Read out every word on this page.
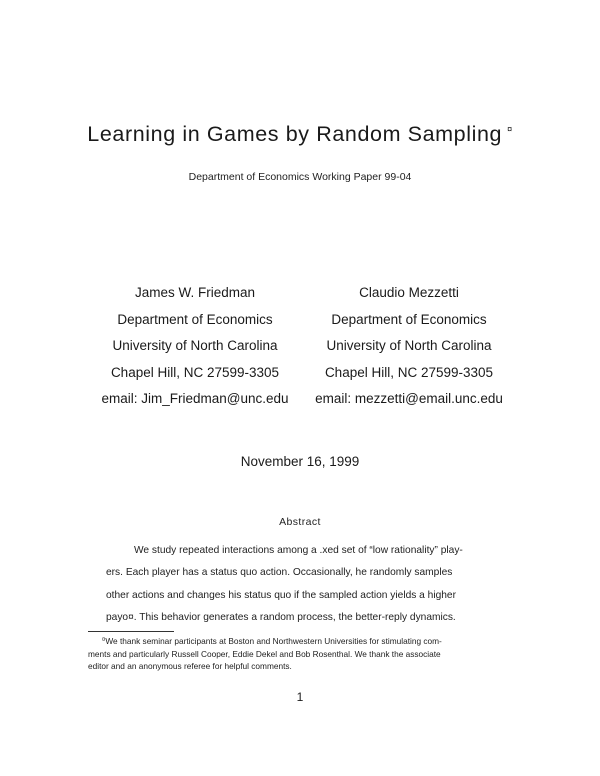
Learning in Games by Random Sampling ¤
Department of Economics Working Paper 99-04
James W. Friedman
Department of Economics
University of North Carolina
Chapel Hill, NC 27599-3305
email: Jim_Friedman@unc.edu
Claudio Mezzetti
Department of Economics
University of North Carolina
Chapel Hill, NC 27599-3305
email: mezzetti@email.unc.edu
November 16, 1999
Abstract
We study repeated interactions among a .xed set of “low rationality” play-
ers. Each player has a status quo action. Occasionally, he randomly samples
other actions and changes his status quo if the sampled action yields a higher
payo¤. This behavior generates a random process, the better-reply dynamics.
¤We thank seminar participants at Boston and Northwestern Universities for stimulating com-
ments and particularly Russell Cooper, Eddie Dekel and Bob Rosenthal. We thank the associate
editor and an anonymous referee for helpful comments.
1
